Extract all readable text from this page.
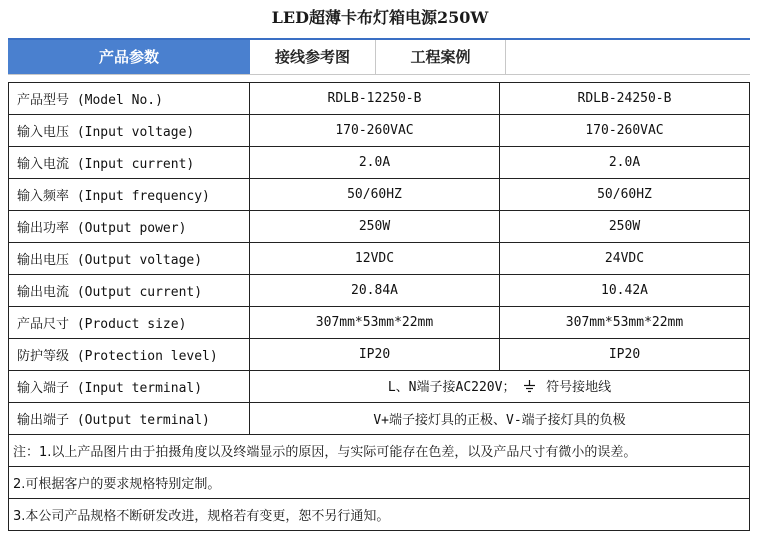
LED超薄卡布灯箱电源250W
产品参数	接线参考图	工程案例
产品型号 (Model No.)	RDLB-12250-B	RDLB-24250-B
输入电压 (Input voltage)	170-260VAC	170-260VAC
输入电流 (Input current)	2.0A	2.0A
输入频率 (Input frequency)	50/60HZ	50/60HZ
输出功率 (Output power)	250W	250W
输出电压 (Output voltage)	12VDC	24VDC
输出电流 (Output current)	20.84A	10.42A
产品尺寸 (Product size)	307mm*53mm*22mm	307mm*53mm*22mm
防护等级 (Protection level)	IP20	IP20
输入端子 (Input terminal)	L、N端子接AC220V； 符号接地线	
输出端子 (Output terminal)	V+端子接灯具的正极、V-端子接灯具的负极	
注：1.以上产品图片由于拍摄角度以及终端显示的原因，与实际可能存在色差，以及产品尺寸有微小的误差。		
2.可根据客户的要求规格特别定制。		
3.本公司产品规格不断研发改进，规格若有变更，恕不另行通知。		
